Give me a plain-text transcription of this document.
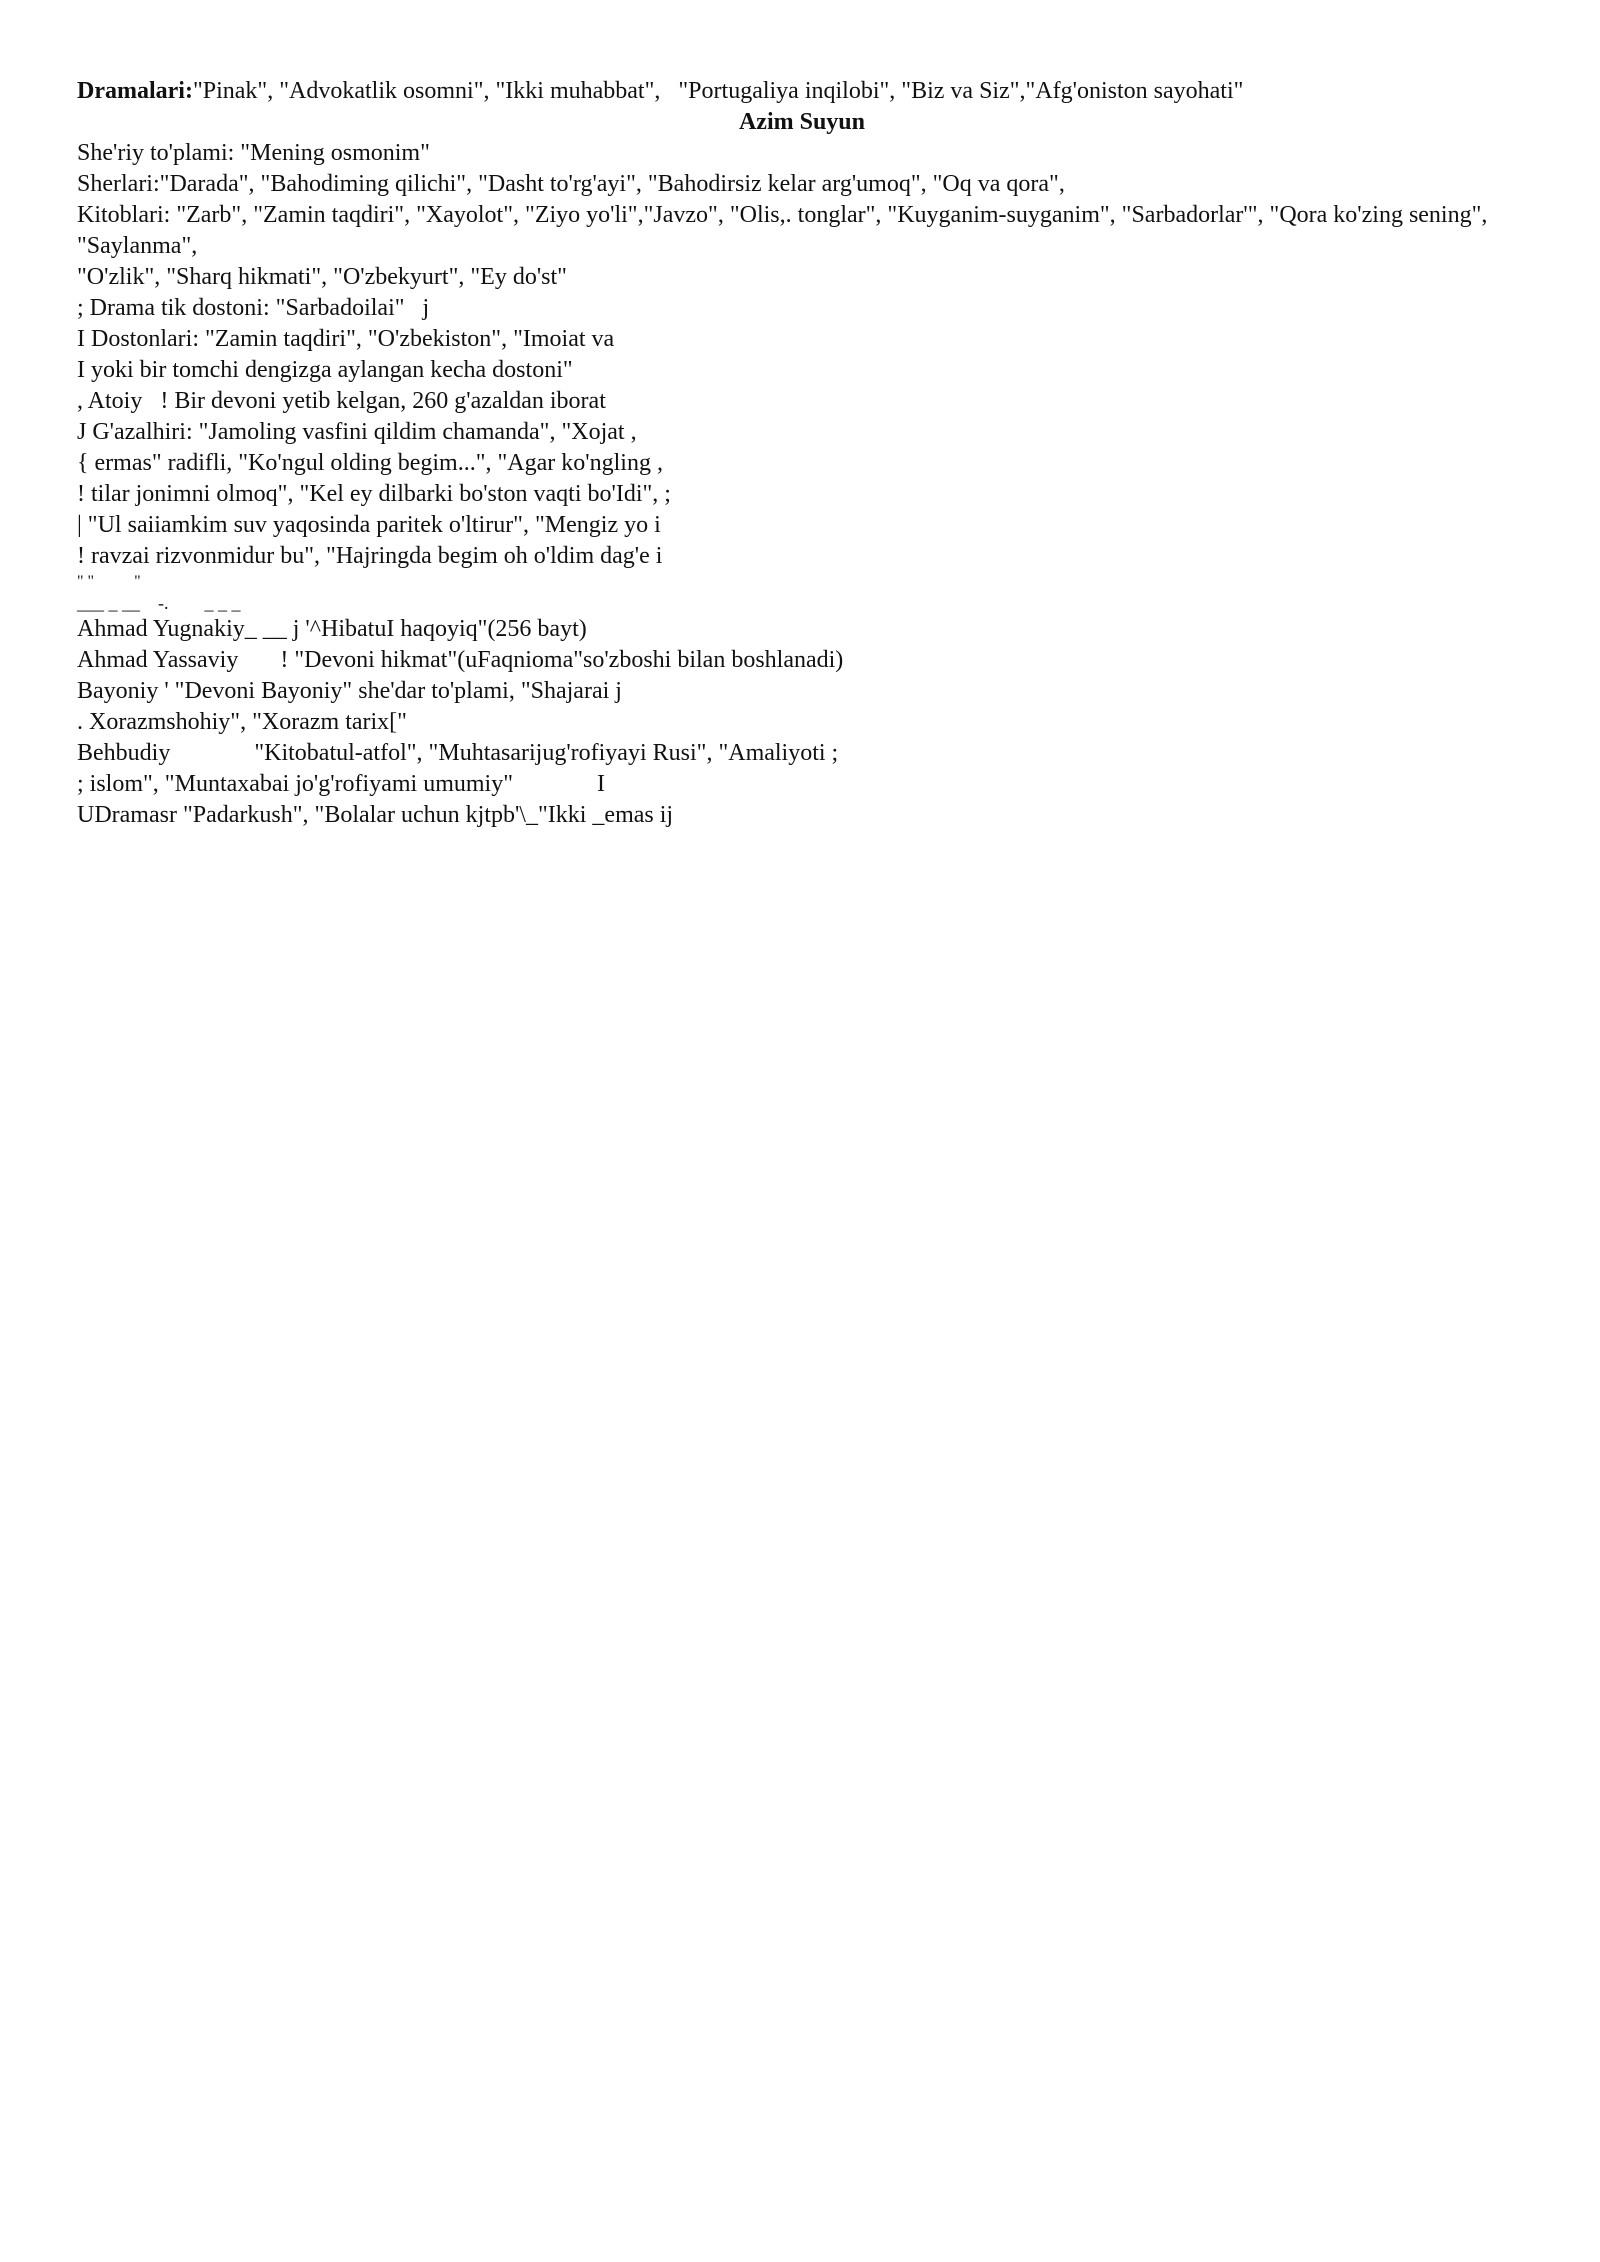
Dramalari:"Pinak", "Advokatlik osomni", "Ikki muhabbat",   "Portugaliya inqilobi", "Biz va Siz","Afg'oniston sayohati"

Azim Suyun

She'riy to'plami: "Mening osmonim"

Sherlari:"Darada", "Bahodiming qilichi", "Dasht to'rg'ayi", "Bahodirsiz kelar arg'umoq", "Oq va qora",

Kitoblari: "Zarb", "Zamin taqdiri", "Xayolot", "Ziyo yo'li","Javzo", "Olis,. tonglar", "Kuyganim-suyganim", "Sarbadorlar'", "Qora ko'zing sening",   "Saylanma",

"O'zlik", "Sharq hikmati", "O'zbekyurt", "Ey do'st"

; Drama tik dostoni: "Sarbadoilai"   j

I Dostonlari: "Zamin taqdiri", "O'zbekiston", "Imoiat va

I yoki bir tomchi dengizga aylangan kecha dostoni"

, Atoiy   ! Bir devoni yetib kelgan, 260 g'azaldan iborat

J G'azalhiri: "Jamoling vasfini qildim chamanda", "Xojat ,

{ ermas" radifli, "Ko'ngul olding begim...", "Agar ko'ngling ,

! tilar jonimni olmoq", "Kel ey dilbarki bo'ston vaqti bo'Idi", ;

| "Ul saiiamkim suv yaqosinda paritek o'ltirur", "Mengiz yo i

! ravzai rizvonmidur bu", "Hajringda begim oh o'ldim dag'e i

" "          "

___ _ __    -.        _ _ _

Ahmad Yugnakiy_ __ j '^HibatuI haqoyiq"(256 bayt)

Ahmad Yassaviy       ! "Devoni hikmat"(uFaqnioma"so'zboshi bilan boshlanadi)

Bayoniy ' "Devoni Bayoniy" she'dar to'plami, "Shajarai j

. Xorazmshohiy", "Xorazm tarix["

Behbudiy              "Kitobatul-atfol", "Muhtasarijug'rofiyayi Rusi", "Amaliyoti ;

; islom", "Muntaxabai jo'g'rofiyami umumiy"              I

UDramasr "Padarkush", "Bolalar uchun kjtpb'\_"Ikki _emas ij
